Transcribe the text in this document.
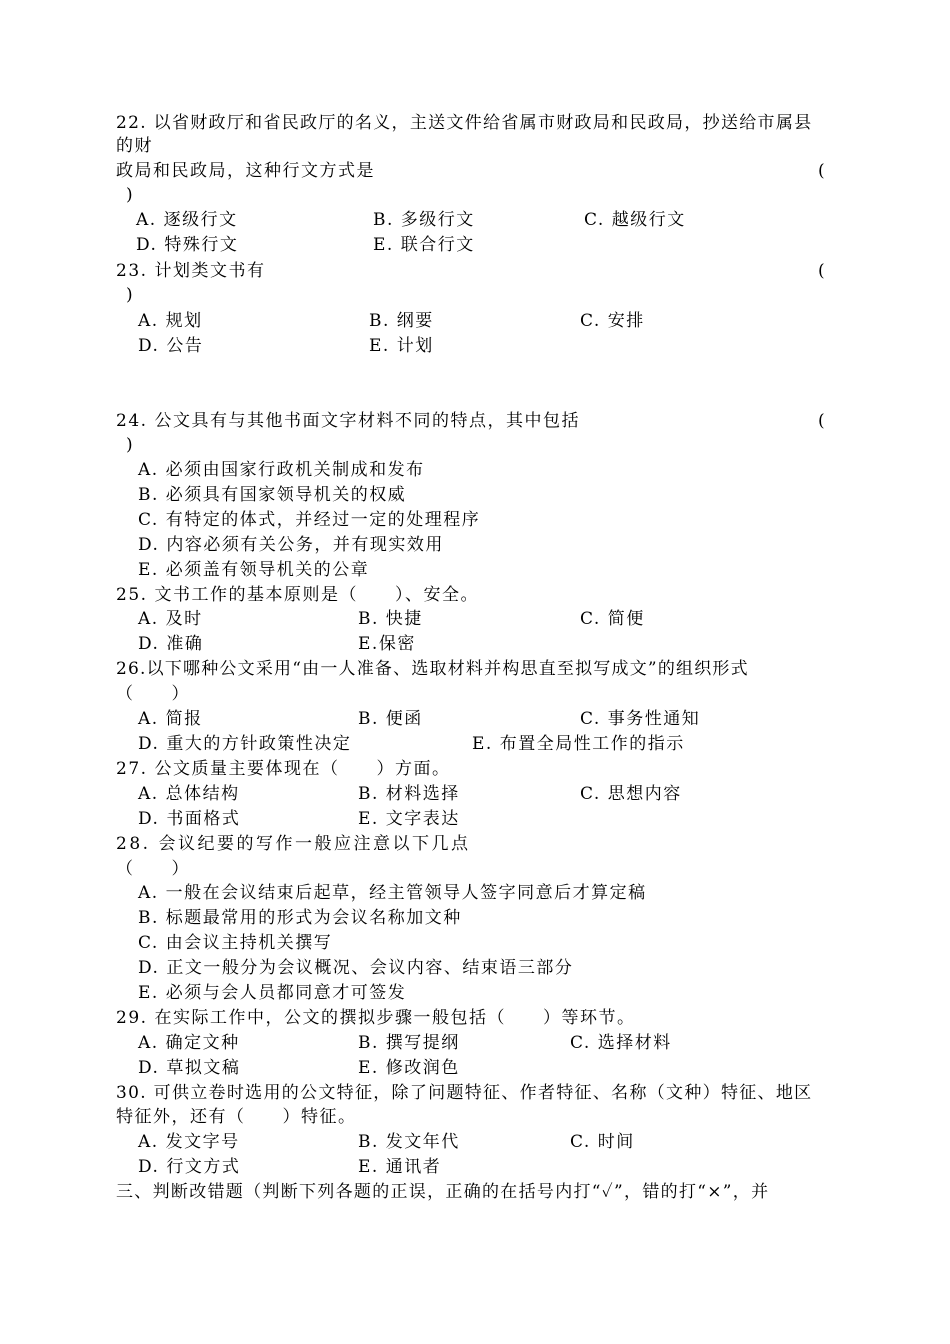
22. 以省财政厅和省民政厅的名义，主送文件给省属市财政局和民政局，抄送给市属县
的财
政局和民政局，这种行文方式是	(
)
A. 逐级行文	B. 多级行文	C. 越级行文
D. 特殊行文	E. 联合行文
23. 计划类文书有	(
)
A. 规划	B. 纲要	C. 安排
D. 公告	E. 计划
24. 公文具有与其他书面文字材料不同的特点，其中包括	(
)
A. 必须由国家行政机关制成和发布
B. 必须具有国家领导机关的权威
C. 有特定的体式，并经过一定的处理程序
D. 内容必须有关公务，并有现实效用
E. 必须盖有领导机关的公章
25. 文书工作的基本原则是（　　）、安全。
A. 及时	B. 快捷	C. 简便
D. 准确	E.保密
26.以下哪种公文采用“由一人准备、选取材料并构思直至拟写成文”的组织形式
（　　）
A. 简报	B. 便函	C. 事务性通知
D. 重大的方针政策性决定	E. 布置全局性工作的指示
27. 公文质量主要体现在（　　）方面。
A. 总体结构	B. 材料选择	C. 思想内容
D. 书面格式	E. 文字表达
28. 会议纪要的写作一般应注意以下几点
（　　）
A. 一般在会议结束后起草，经主管领导人签字同意后才算定稿
B. 标题最常用的形式为会议名称加文种
C. 由会议主持机关撰写
D. 正文一般分为会议概况、会议内容、结束语三部分
E. 必须与会人员都同意才可签发
29. 在实际工作中，公文的撰拟步骤一般包括（　　）等环节。
A. 确定文种	B. 撰写提纲	C. 选择材料
D. 草拟文稿	E. 修改润色
30. 可供立卷时选用的公文特征，除了问题特征、作者特征、名称（文种）特征、地区
特征外，还有（　　）特征。
A. 发文字号	B. 发文年代	C. 时间
D. 行文方式	E. 通讯者
三、判断改错题（判断下列各题的正误，正确的在括号内打“✓”，错的打“×”，并
